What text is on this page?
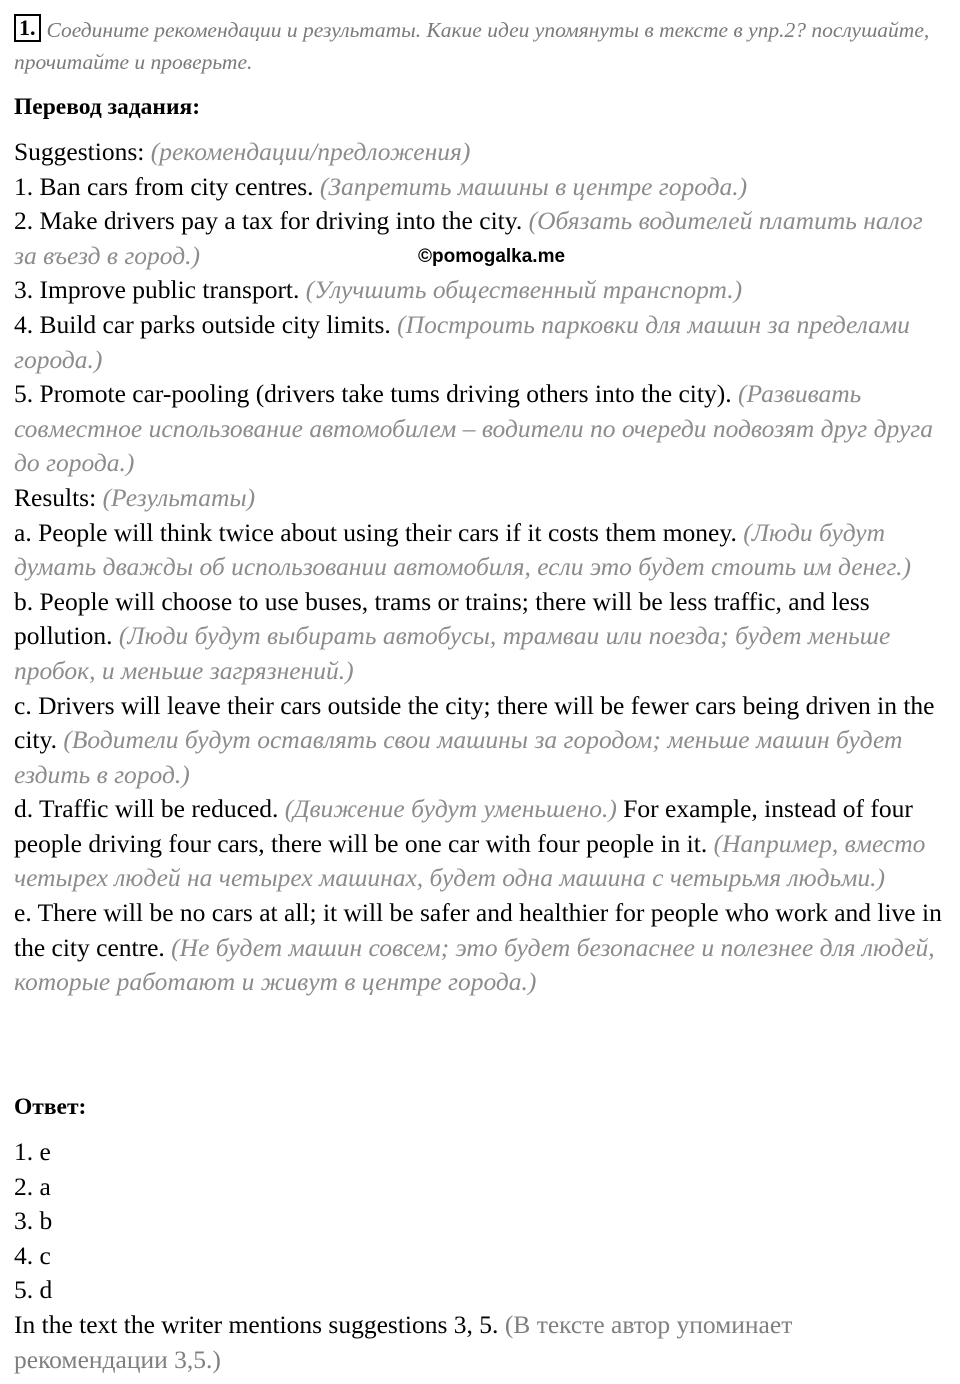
1. Соедините рекомендации и результаты. Какие идеи упомянуты в тексте в упр.2? послушайте, прочитайте и проверьте.
Перевод задания:
©pomogalka.me

Suggestions: (рекомендации/предложения)

1. Ban cars from city centres. (Запретить машины в центре города.)

2. Make drivers pay a tax for driving into the city. (Обязать водителей платить налог за въезд в город.)

3. Improve public transport. (Улучшить общественный транспорт.)

4. Build car parks outside city limits. (Построить парковки для машин за пределами города.)

5. Promote car-pooling (drivers take tums driving others into the city). (Развивать совместное использование автомобилем – водители по очереди подвозят друг друга до города.)

Results: (Результаты)

a. People will think twice about using their cars if it costs them money. (Люди будут думать дважды об использовании автомобиля, если это будет стоить им денег.)

b. People will choose to use buses, trams or trains; there will be less traffic, and less pollution. (Люди будут выбирать автобусы, трамваи или поезда; будет меньше пробок, и меньше загрязнений.)

c. Drivers will leave their cars outside the city; there will be fewer cars being driven in the city. (Водители будут оставлять свои машины за городом; меньше машин будет ездить в город.)

d. Traffic will be reduced. (Движение будут уменьшено.) For example, instead of four people driving four cars, there will be one car with four people in it. (Например, вместо четырех людей на четырех машинах, будет одна машина с четырьмя людьми.)

e. There will be no cars at all; it will be safer and healthier for people who work and live in the city centre. (Не будет машин совсем; это будет безопаснее и полезнее для людей, которые работают и живут в центре города.)

Ответ:

1. e

2. a

3. b

4. c

5. d

In the text the writer mentions suggestions 3, 5. (В тексте автор упоминает рекомендации 3,5.)
